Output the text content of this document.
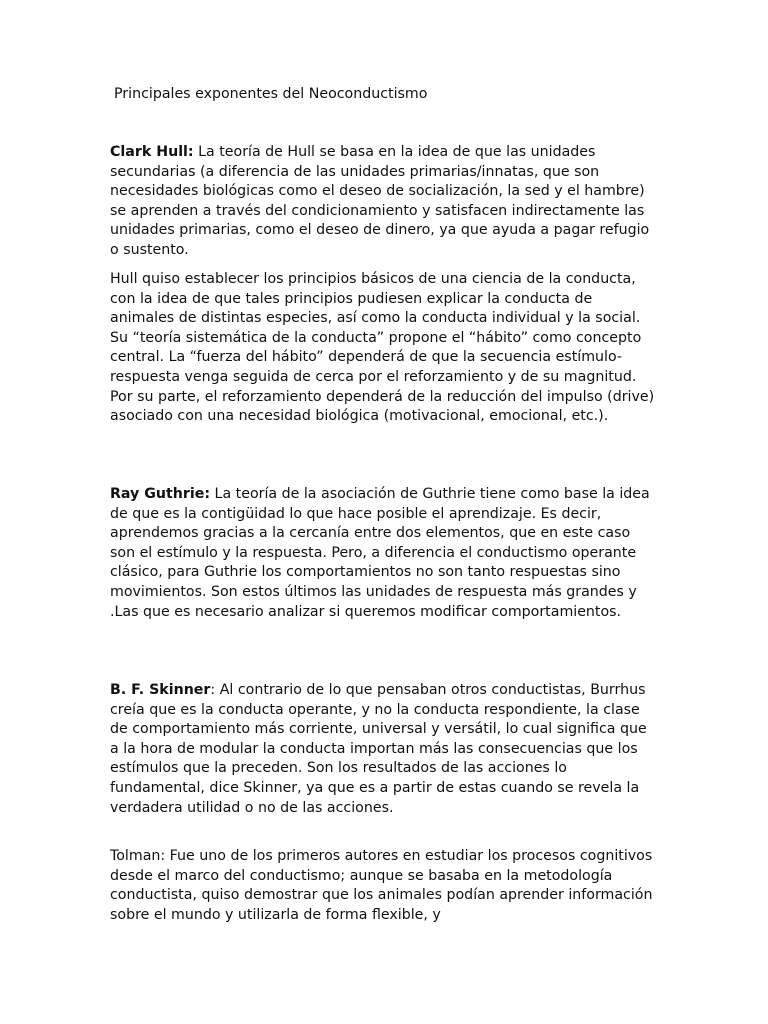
Principales exponentes del Neoconductismo

Clark Hull: La teoría de Hull se basa en la idea de que las unidades secundarias (a diferencia de las unidades primarias/innatas, que son necesidades biológicas como el deseo de socialización, la sed y el hambre) se aprenden a través del condicionamiento y satisfacen indirectamente las unidades primarias, como el deseo de dinero, ya que ayuda a pagar refugio o sustento.

Hull quiso establecer los principios básicos de una ciencia de la conducta, con la idea de que tales principios pudiesen explicar la conducta de animales de distintas especies, así como la conducta individual y la social. Su “teoría sistemática de la conducta” propone el “hábito” como concepto central. La “fuerza del hábito” dependerá de que la secuencia estímulo- respuesta venga seguida de cerca por el reforzamiento y de su magnitud. Por su parte, el reforzamiento dependerá de la reducción del impulso (drive) asociado con una necesidad biológica (motivacional, emocional, etc.).

Ray Guthrie: La teoría de la asociación de Guthrie tiene como base la idea de que es la contigüidad lo que hace posible el aprendizaje. Es decir, aprendemos gracias a la cercanía entre dos elementos, que en este caso son el estímulo y la respuesta. Pero, a diferencia el conductismo operante clásico, para Guthrie los comportamientos no son tanto respuestas sino movimientos. Son estos últimos las unidades de respuesta más grandes y .Las que es necesario analizar si queremos modificar comportamientos.

B. F. Skinner: Al contrario de lo que pensaban otros conductistas, Burrhus creía que es la conducta operante, y no la conducta respondiente, la clase de comportamiento más corriente, universal y versátil, lo cual significa que a la hora de modular la conducta importan más las consecuencias que los estímulos que la preceden. Son los resultados de las acciones lo fundamental, dice Skinner, ya que es a partir de estas cuando se revela la verdadera utilidad o no de las acciones.

Tolman: Fue uno de los primeros autores en estudiar los procesos cognitivos desde el marco del conductismo; aunque se basaba en la metodología conductista, quiso demostrar que los animales podían aprender información sobre el mundo y utilizarla de forma flexible, y
